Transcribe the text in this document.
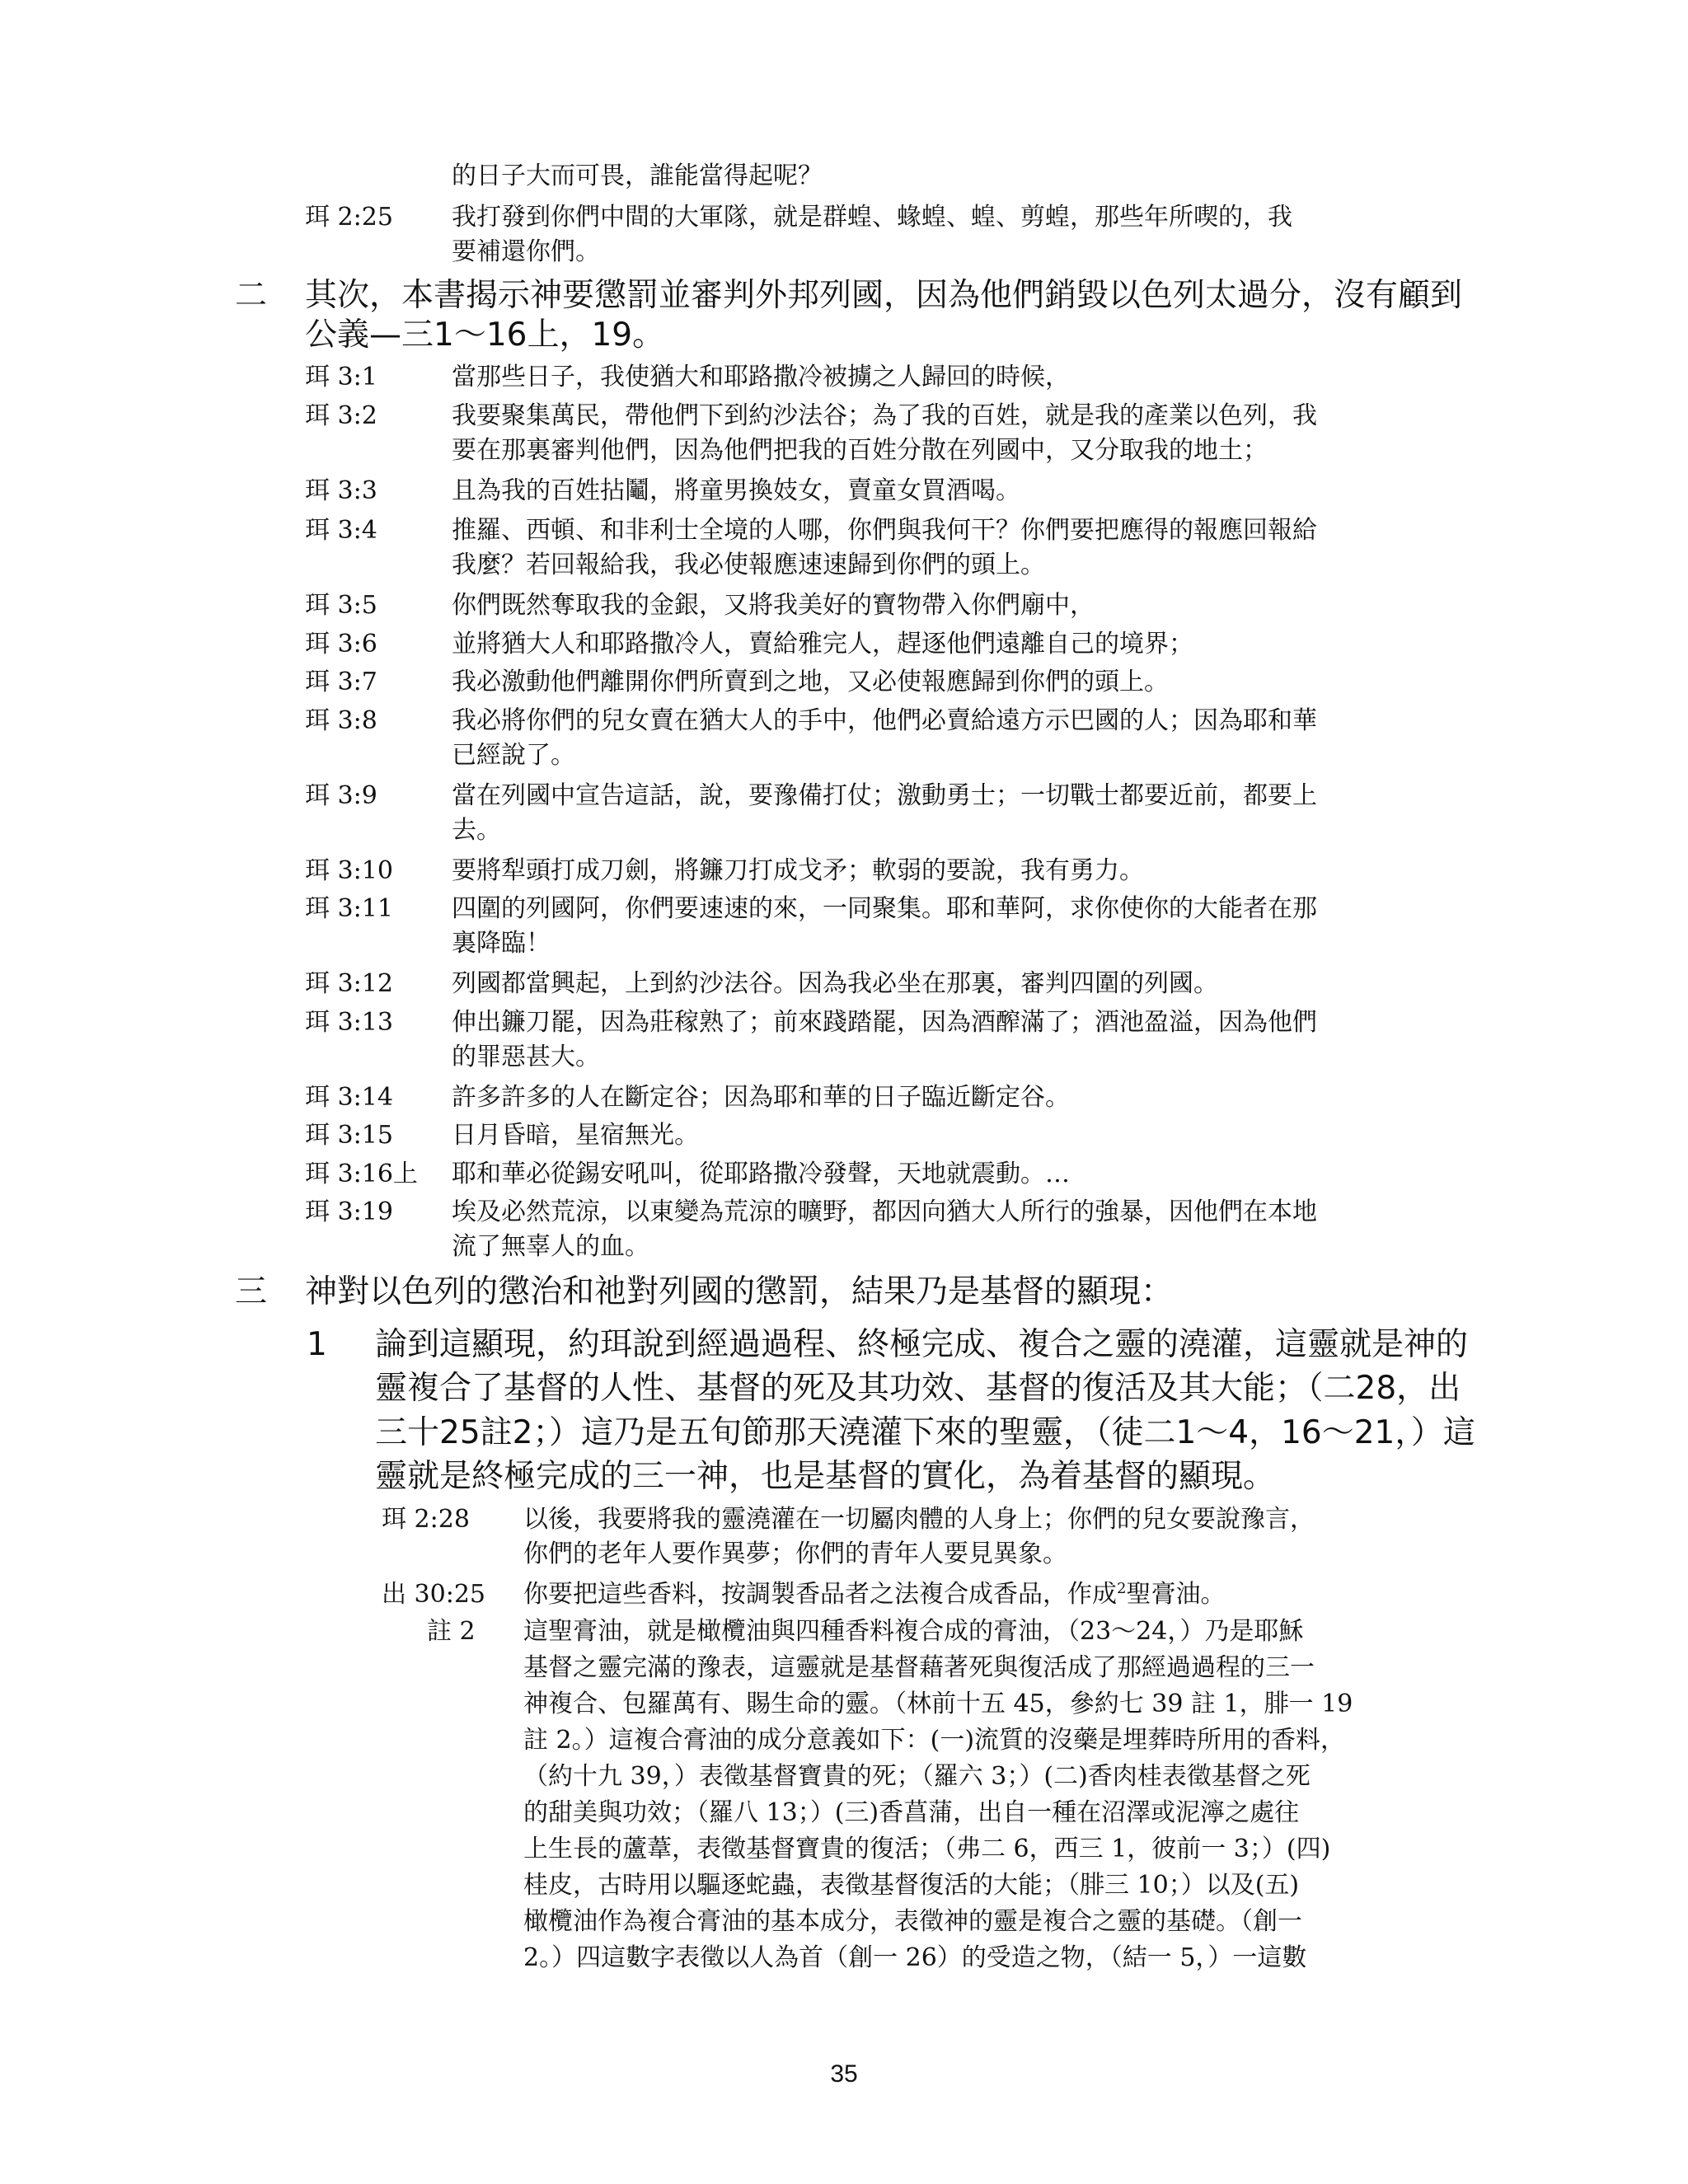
的日子大而可畏，誰能當得起呢？
珥 2:25 我打發到你們中間的大軍隊，就是群蝗、蝝蝗、蝗、剪蝗，那些年所喫的，我
要補還你們。
二 其次，本書揭示神要懲罰並審判外邦列國，因為他們銷毀以色列太過分，沒有顧到
公義—三1～16上，19。
珥 3:1	當那些日子，我使猶大和耶路撒冷被擄之人歸回的時候，
珥 3:2	我要聚集萬民，帶他們下到約沙法谷；為了我的百姓，就是我的產業以色列，我
要在那裏審判他們，因為他們把我的百姓分散在列國中，又分取我的地土；
珥 3:3	且為我的百姓拈鬮，將童男換妓女，賣童女買酒喝。
珥 3:4	推羅、西頓、和非利士全境的人哪，你們與我何干？你們要把應得的報應回報給
我麼？若回報給我，我必使報應速速歸到你們的頭上。
珥 3:5	你們既然奪取我的金銀，又將我美好的寶物帶入你們廟中，
珥 3:6	並將猶大人和耶路撒冷人，賣給雅完人，趕逐他們遠離自己的境界；
珥 3:7	我必激動他們離開你們所賣到之地，又必使報應歸到你們的頭上。
珥 3:8	我必將你們的兒女賣在猶大人的手中，他們必賣給遠方示巴國的人；因為耶和華
已經說了。
珥 3:9	當在列國中宣告這話，說，要豫備打仗；激動勇士；一切戰士都要近前，都要上
去。
珥 3:10 要將犁頭打成刀劍，將鐮刀打成戈矛；軟弱的要說，我有勇力。
珥 3:11 四圍的列國阿，你們要速速的來，一同聚集。耶和華阿，求你使你的大能者在那
裏降臨！
珥 3:12 列國都當興起，上到約沙法谷。因為我必坐在那裏，審判四圍的列國。
珥 3:13 伸出鐮刀罷，因為莊稼熟了；前來踐踏罷，因為酒醡滿了；酒池盈溢，因為他們
的罪惡甚大。
珥 3:14 許多許多的人在斷定谷；因為耶和華的日子臨近斷定谷。
珥 3:15 日月昏暗，星宿無光。
珥 3:16上 耶和華必從錫安吼叫，從耶路撒冷發聲，天地就震動。…
珥 3:19 埃及必然荒涼，以東變為荒涼的曠野，都因向猶大人所行的強暴，因他們在本地
流了無辜人的血。
三 神對以色列的懲治和祂對列國的懲罰，結果乃是基督的顯現：
1 論到這顯現，約珥說到經過過程、終極完成、複合之靈的澆灌，這靈就是神的
靈複合了基督的人性、基督的死及其功效、基督的復活及其大能；（二28，出
三十25註2；）這乃是五旬節那天澆灌下來的聖靈，（徒二1～4，16～21，）這
靈就是終極完成的三一神，也是基督的實化，為着基督的顯現。
珥 2:28 以後，我要將我的靈澆灌在一切屬肉體的人身上；你們的兒女要說豫言，
你們的老年人要作異夢；你們的青年人要見異象。
出 30:25 你要把這些香料，按調製香品者之法複合成香品，作成$^2$聖膏油。
註 2 這聖膏油，就是橄欖油與四種香料複合成的膏油，（23～24，）乃是耶穌
基督之靈完滿的豫表，這靈就是基督藉著死與復活成了那經過過程的三一
神複合、包羅萬有、賜生命的靈。（林前十五 45，參約七 39 註 1，腓一 19
註 2。）這複合膏油的成分意義如下：(一)流質的沒藥是埋葬時所用的香料，
（約十九 39，）表徵基督寶貴的死；（羅六 3；）(二)香肉桂表徵基督之死
的甜美與功效；（羅八 13；）(三)香菖蒲，出自一種在沼澤或泥濘之處往
上生長的蘆葦，表徵基督寶貴的復活；（弗二 6，西三 1，彼前一 3；）(四)
桂皮，古時用以驅逐蛇蟲，表徵基督復活的大能；（腓三 10；）以及(五)
橄欖油作為複合膏油的基本成分，表徵神的靈是複合之靈的基礎。（創一
2。）四這數字表徵以人為首（創一 26）的受造之物，（結一 5，）一這數
35
